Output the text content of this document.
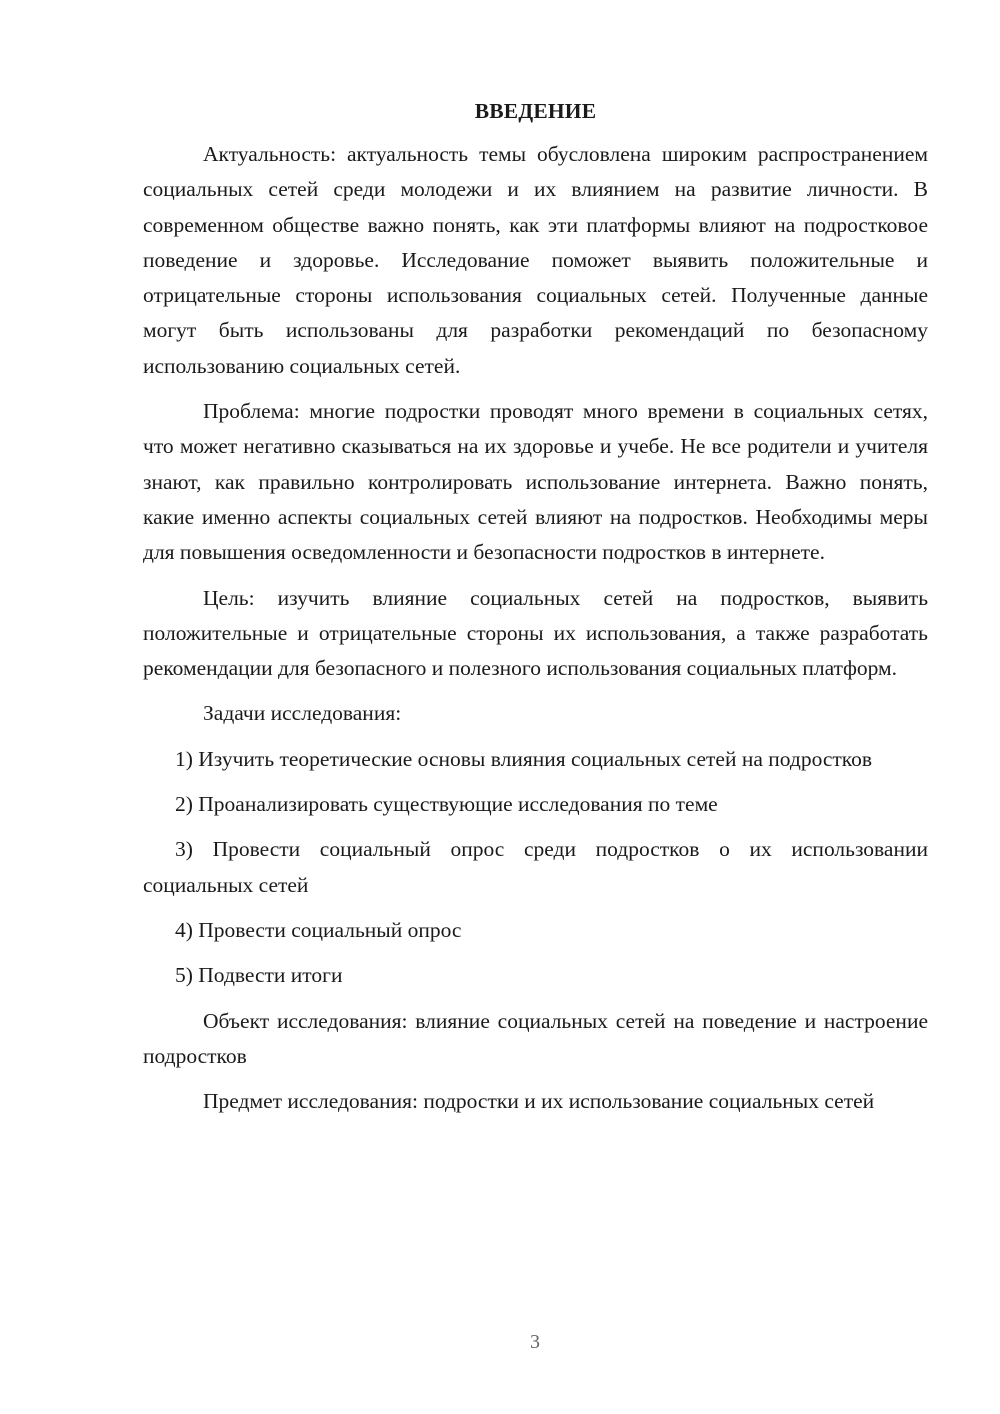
ВВЕДЕНИЕ

Актуальность: актуальность темы обусловлена широким распространением социальных сетей среди молодежи и их влиянием на развитие личности. В современном обществе важно понять, как эти платформы влияют на подростковое поведение и здоровье. Исследование поможет выявить положительные и отрицательные стороны использования социальных сетей. Полученные данные могут быть использованы для разработки рекомендаций по безопасному использованию социальных сетей.

Проблема: многие подростки проводят много времени в социальных сетях, что может негативно сказываться на их здоровье и учебе. Не все родители и учителя знают, как правильно контролировать использование интернета. Важно понять, какие именно аспекты социальных сетей влияют на подростков. Необходимы меры для повышения осведомленности и безопасности подростков в интернете.

Цель: изучить влияние социальных сетей на подростков, выявить положительные и отрицательные стороны их использования, а также разработать рекомендации для безопасного и полезного использования социальных платформ.

Задачи исследования:

1) Изучить теоретические основы влияния социальных сетей на подростков

2) Проанализировать существующие исследования по теме

3) Провести социальный опрос среди подростков о их использовании социальных сетей

4) Провести социальный опрос

5) Подвести итоги

Объект исследования: влияние социальных сетей на поведение и настроение подростков

Предмет исследования: подростки и их использование социальных сетей

3
